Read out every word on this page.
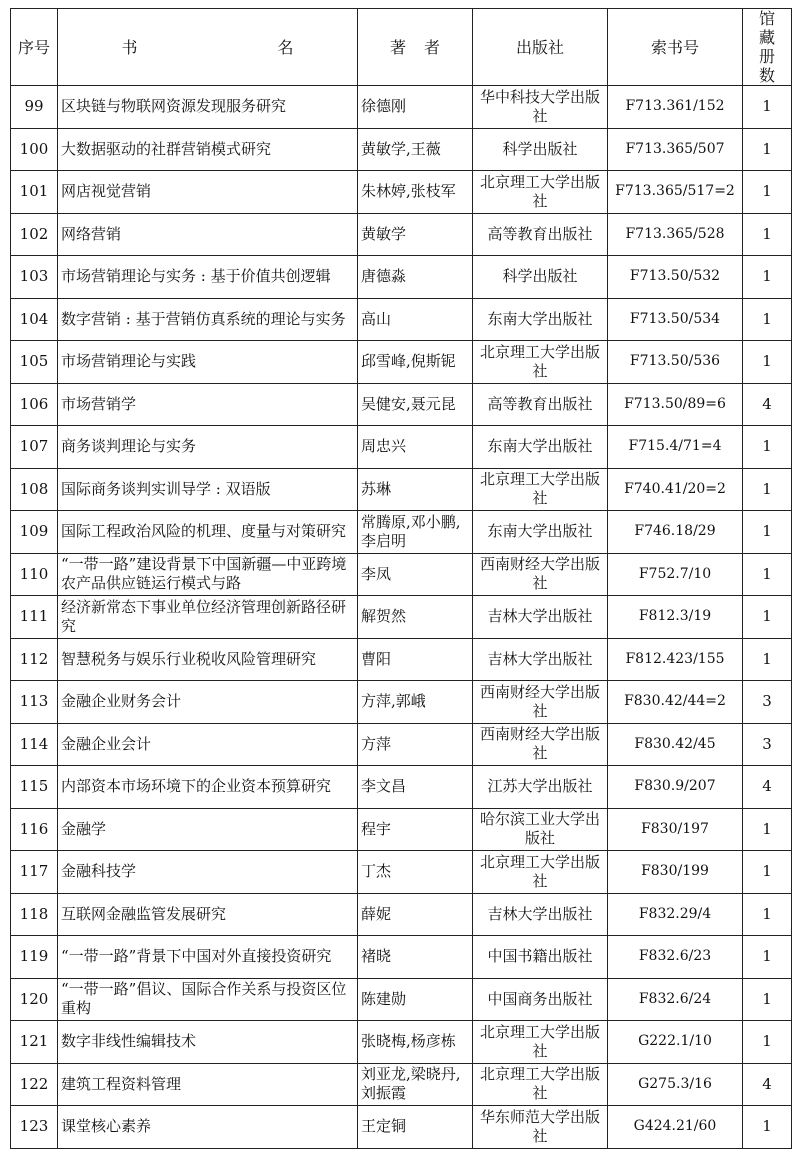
序号	书 名	著 者	出版社	索书号	馆藏册数

99	区块链与物联网资源发现服务研究	徐德刚	华中科技大学出版社	F713.361/152	1

100	大数据驱动的社群营销模式研究	黄敏学,王薇	科学出版社	F713.365/507	1

101	网店视觉营销	朱林婷,张枝军	北京理工大学出版社	F713.365/517=2	1

102	网络营销	黄敏学	高等教育出版社	F713.365/528	1

103	市场营销理论与实务 : 基于价值共创逻辑	唐德淼	科学出版社	F713.50/532	1

104	数字营销 : 基于营销仿真系统的理论与实务	高山	东南大学出版社	F713.50/534	1

105	市场营销理论与实践	邱雪峰,倪斯铌	北京理工大学出版社	F713.50/536	1

106	市场营销学	吴健安,聂元昆	高等教育出版社	F713.50/89=6	4

107	商务谈判理论与实务	周忠兴	东南大学出版社	F715.4/71=4	1

108	国际商务谈判实训导学 : 双语版	苏琳	北京理工大学出版社	F740.41/20=2	1

109	国际工程政治风险的机理、度量与对策研究	常腾原,邓小鹏,李启明	东南大学出版社	F746.18/29	1

110	“一带一路”建设背景下中国新疆—中亚跨境农产品供应链运行模式与路	李凤	西南财经大学出版社	F752.7/10	1

111	经济新常态下事业单位经济管理创新路径研究	解贺然	吉林大学出版社	F812.3/19	1

112	智慧税务与娱乐行业税收风险管理研究	曹阳	吉林大学出版社	F812.423/155	1

113	金融企业财务会计	方萍,郭峨	西南财经大学出版社	F830.42/44=2	3

114	金融企业会计	方萍	西南财经大学出版社	F830.42/45	3

115	内部资本市场环境下的企业资本预算研究	李文昌	江苏大学出版社	F830.9/207	4

116	金融学	程宇	哈尔滨工业大学出版社	F830/197	1

117	金融科技学	丁杰	北京理工大学出版社	F830/199	1

118	互联网金融监管发展研究	薛妮	吉林大学出版社	F832.29/4	1

119	“一带一路”背景下中国对外直接投资研究	褚晓	中国书籍出版社	F832.6/23	1

120	“一带一路”倡议、国际合作关系与投资区位重构	陈建勋	中国商务出版社	F832.6/24	1

121	数字非线性编辑技术	张晓梅,杨彦栋	北京理工大学出版社	G222.1/10	1

122	建筑工程资料管理	刘亚龙,梁晓丹,刘振霞	北京理工大学出版社	G275.3/16	4

123	课堂核心素养	王定铜	华东师范大学出版社	G424.21/60	1
